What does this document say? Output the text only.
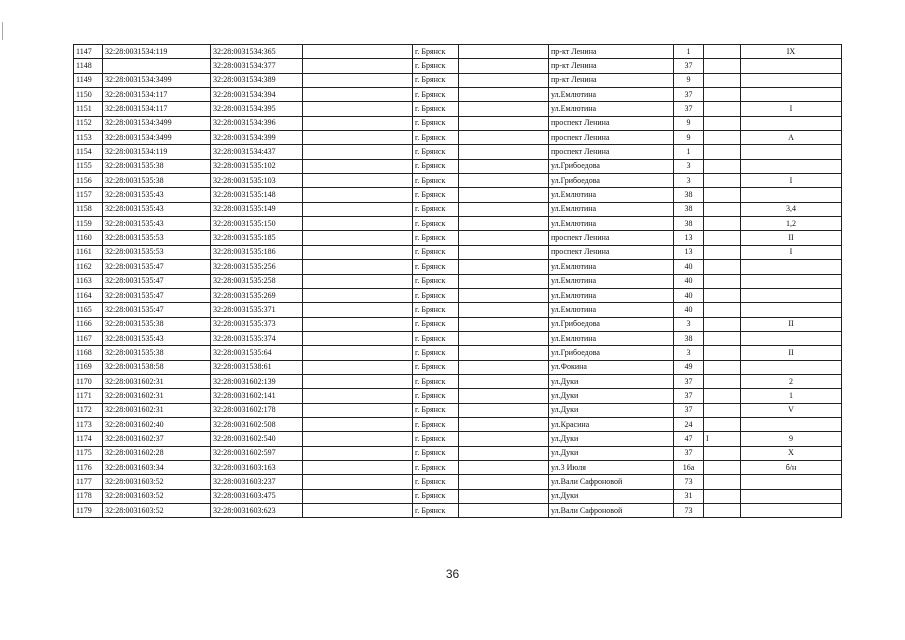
1147	32:28:0031534:119	32:28:0031534:365		г. Брянск		пр-кт Ленина	1		IX
1148		32:28:0031534:377		г. Брянск		пр-кт Ленина	37		
1149	32:28:0031534:3499	32:28:0031534:389		г. Брянск		пр-кт Ленина	9		
1150	32:28:0031534:117	32:28:0031534:394		г. Брянск		ул.Емлютина	37		
1151	32:28:0031534:117	32:28:0031534:395		г. Брянск		ул.Емлютина	37		I
1152	32:28:0031534:3499	32:28:0031534:396		г. Брянск		проспект Ленина	9		
1153	32:28:0031534:3499	32:28:0031534:399		г. Брянск		проспект Ленина	9		А
1154	32:28:0031534:119	32:28:0031534:437		г. Брянск		проспект Ленина	1		
1155	32:28:0031535:38	32:28:0031535:102		г. Брянск		ул.Грибоедова	3		
1156	32:28:0031535:38	32:28:0031535:103		г. Брянск		ул.Грибоедова	3		I
1157	32:28:0031535:43	32:28:0031535:148		г. Брянск		ул.Емлютина	38		
1158	32:28:0031535:43	32:28:0031535:149		г. Брянск		ул.Емлютина	38		3,4
1159	32:28:0031535:43	32:28:0031535:150		г. Брянск		ул.Емлютина	38		1,2
1160	32:28:0031535:53	32:28:0031535:185		г. Брянск		проспект Ленина	13		II
1161	32:28:0031535:53	32:28:0031535:186		г. Брянск		проспект Ленина	13		I
1162	32:28:0031535:47	32:28:0031535:256		г. Брянск		ул.Емлютина	40		
1163	32:28:0031535:47	32:28:0031535:258		г. Брянск		ул.Емлютина	40		
1164	32:28:0031535:47	32:28:0031535:269		г. Брянск		ул.Емлютина	40		
1165	32:28:0031535:47	32:28:0031535:371		г. Брянск		ул.Емлютина	40		
1166	32:28:0031535:38	32:28:0031535:373		г. Брянск		ул.Грибоедова	3		II
1167	32:28:0031535:43	32:28:0031535:374		г. Брянск		ул.Емлютина	38		
1168	32:28:0031535:38	32:28:0031535:64		г. Брянск		ул.Грибоедова	3		II
1169	32:28:0031538:58	32:28:0031538:61		г. Брянск		ул.Фокина	49		
1170	32:28:0031602:31	32:28:0031602:139		г. Брянск		ул.Дуки	37		2
1171	32:28:0031602:31	32:28:0031602:141		г. Брянск		ул.Дуки	37		1
1172	32:28:0031602:31	32:28:0031602:178		г. Брянск		ул.Дуки	37		V
1173	32:28:0031602:40	32:28:0031602:508		г. Брянск		ул.Красина	24		
1174	32:28:0031602:37	32:28:0031602:540		г. Брянск		ул.Дуки	47	I	9
1175	32:28:0031602:28	32:28:0031602:597		г. Брянск		ул.Дуки	37		X
1176	32:28:0031603:34	32:28:0031603:163		г. Брянск		ул.3 Июля	16а		б/н
1177	32:28:0031603:52	32:28:0031603:237		г. Брянск		ул.Вали Сафроновой	73		
1178	32:28:0031603:52	32:28:0031603:475		г. Брянск		ул.Дуки	31		
1179	32:28:0031603:52	32:28:0031603:623		г. Брянск		ул.Вали Сафроновой	73		
36
